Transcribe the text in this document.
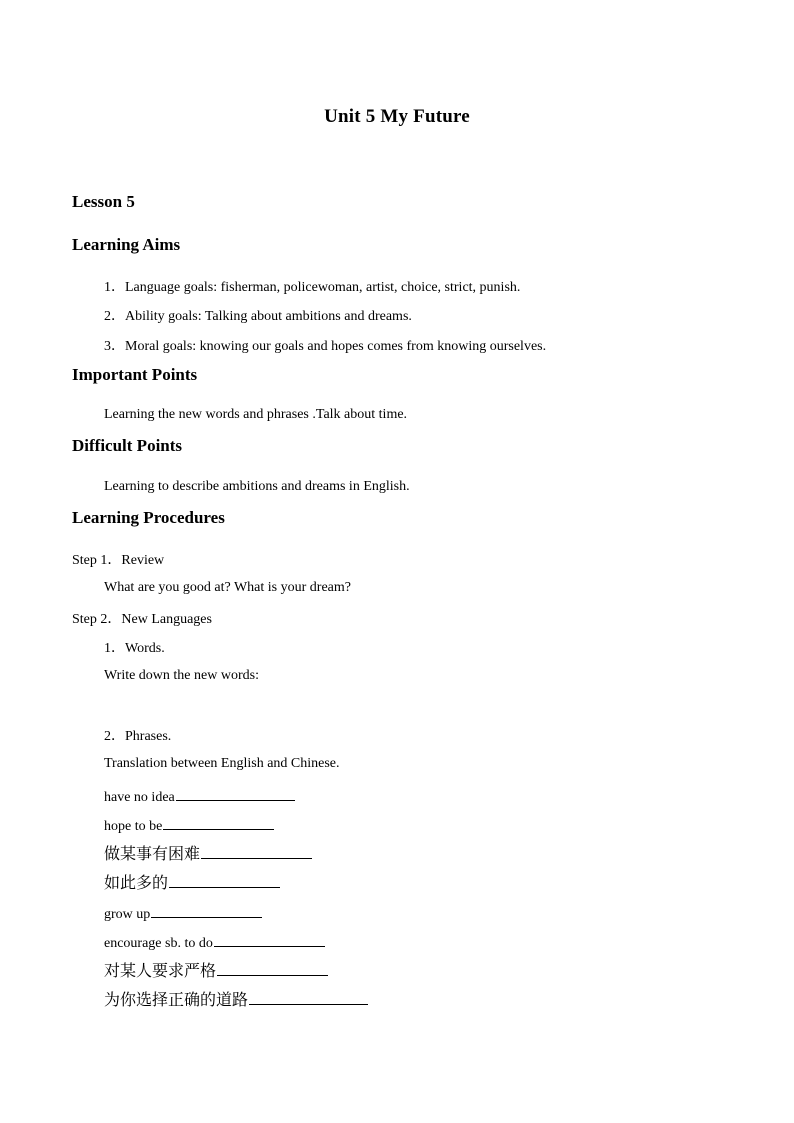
Unit 5 My Future
Lesson 5
Learning Aims
1．Language goals: fisherman, policewoman, artist, choice, strict, punish.
2．Ability goals: Talking about ambitions and dreams.
3．Moral goals: knowing our goals and hopes comes from knowing ourselves.
Important Points
Learning the new words and phrases .Talk about time.
Difficult Points
Learning to describe ambitions and dreams in English.
Learning Procedures
Step 1．Review
What are you good at? What is your dream?
Step 2．New Languages
1．Words.
Write down the new words:
2．Phrases.
Translation between English and Chinese.
have no idea
hope to be
做某事有困难
如此多的
grow up
encourage sb. to do
对某人要求严格
为你选择正确的道路
